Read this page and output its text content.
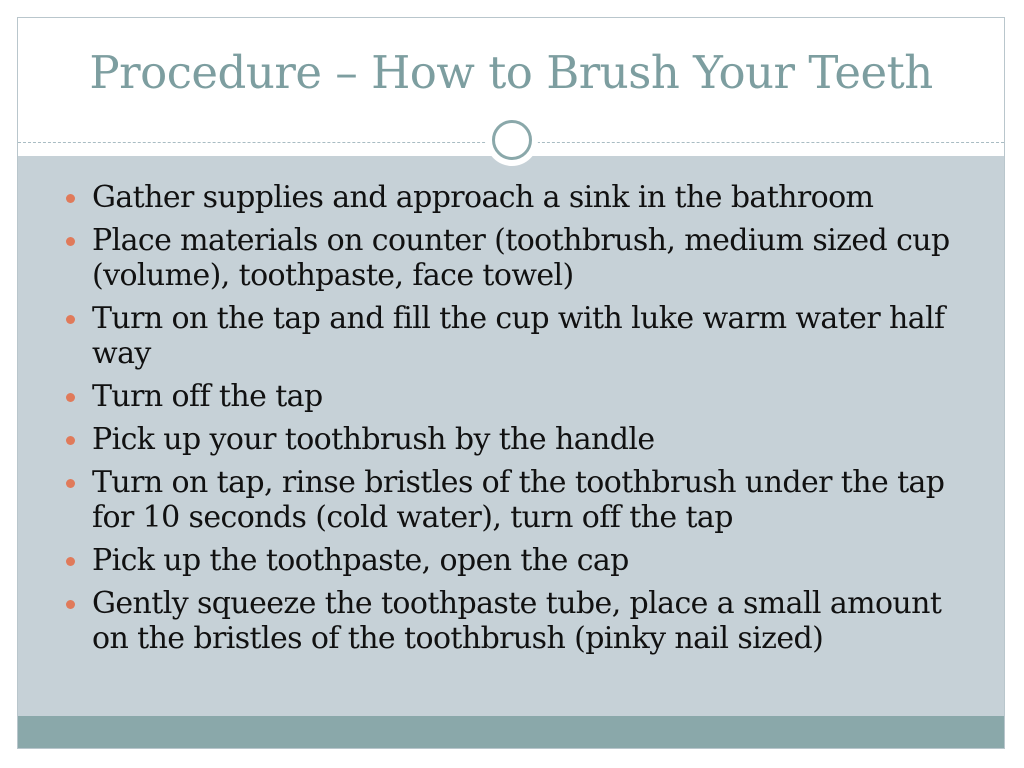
Procedure – How to Brush Your Teeth
Gather supplies and approach a sink in the bathroom
Place materials on counter (toothbrush, medium sized cup (volume), toothpaste, face towel)
Turn on the tap and fill the cup with luke warm water half way
Turn off the tap
Pick up your toothbrush by the handle
Turn on tap, rinse bristles of the toothbrush under the tap for 10 seconds (cold water), turn off the tap
Pick up the toothpaste, open the cap
Gently squeeze the toothpaste tube, place a small amount on the bristles of the toothbrush (pinky nail sized)
